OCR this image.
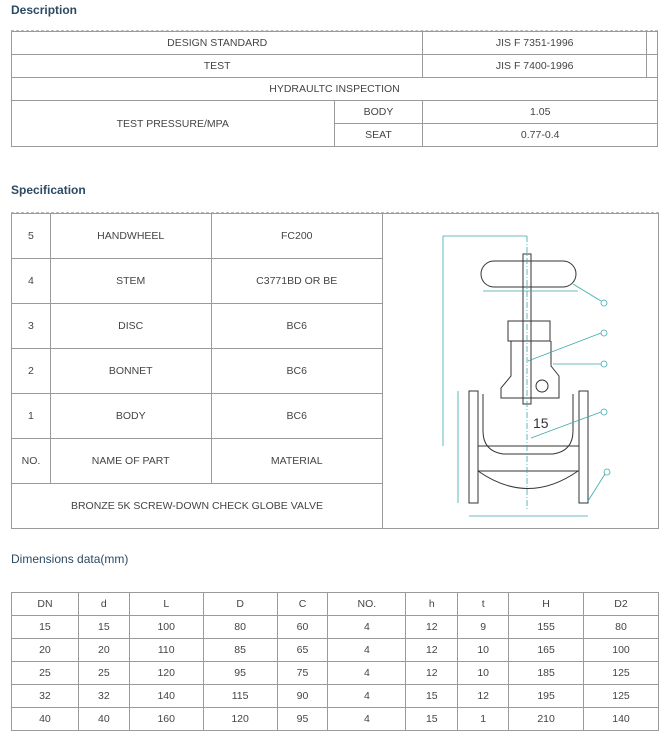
Description
DESIGN STANDARD		JIS F 7351-1996	
TEST		JIS F 7400-1996	
HYDRAULTC INSPECTION			
TEST PRESSURE/MPA	BODY	1.05	
	SEAT	0.77-0.4	
Specification
5	HANDWHEEL	FC200	15

4	STEM	C3771BD OR BE	
3	DISC	BC6	
2	BONNET	BC6	
1	BODY	BC6	
NO.	NAME OF PART	MATERIAL	
BRONZE 5K SCREW-DOWN CHECK GLOBE VALVE			
Dimensions data(mm)
DN	d	L	D	C	NO.	h	t	H	D2
15	15	100	80	60	4	12	9	155	80
20	20	110	85	65	4	12	10	165	100
25	25	120	95	75	4	12	10	185	125
32	32	140	115	90	4	15	12	195	125
40	40	160	120	95	4	15	1	210	140
